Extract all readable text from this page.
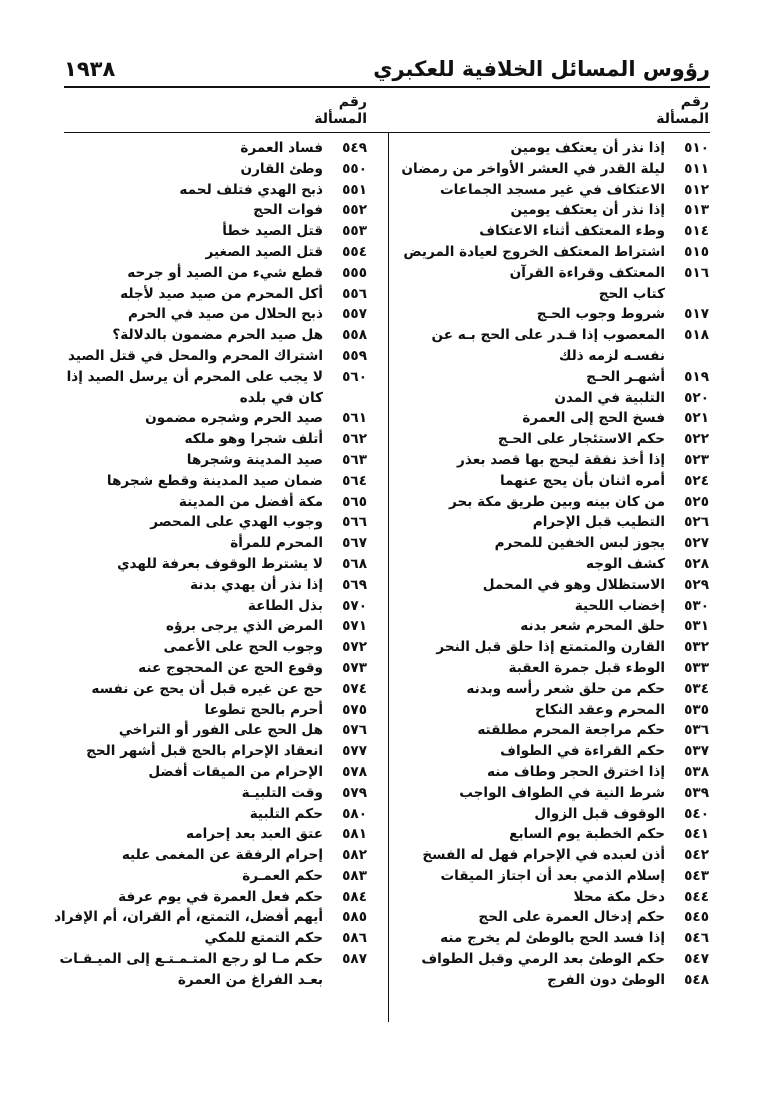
رؤوس المسائل الخلافية للعكبري
١٩٣٨
رقم
المسألة
رقم
المسألة
٥١٠
إذا نذر أن يعتكف يومين
٥١١
ليلة القدر في العشر الأواخر من رمضان
٥١٢
الاعتكاف في غير مسجد الجماعات
٥١٣
إذا نذر أن يعتكف يومين
٥١٤
وطء المعتكف أثناء الاعتكاف
٥١٥
اشتراط المعتكف الخروج لعيادة المريض
٥١٦
المعتكف وقراءة القرآن
كتاب الحج
٥١٧
شروط وجوب الحـج
٥١٨
المعصوب إذا قـدر على الحج بـه عن نفسـه لزمه ذلك
٥١٩
أشهـر الحـج
٥٢٠
التلبية في المدن
٥٢١
فسخ الحج إلى العمرة
٥٢٢
حكم الاستئجار على الحـج
٥٢٣
إذا أخذ نفقة ليحج بها قصد بعذر
٥٢٤
أمره اثنان بأن يحج عنهما
٥٢٥
من كان بينه وبين طريق مكة بحر
٥٢٦
التطيب قبل الإحرام
٥٢٧
يجوز لبس الخفين للمحرم
٥٢٨
كشف الوجه
٥٢٩
الاستظلال وهو في المحمل
٥٣٠
إخضاب اللحية
٥٣١
حلق المحرم شعر بدنه
٥٣٢
القارن والمتمتع إذا حلق قبل النحر
٥٣٣
الوطء قبل جمرة العقبة
٥٣٤
حكم من حلق شعر رأسه وبدنه
٥٣٥
المحرم وعقد النكاح
٥٣٦
حكم مراجعة المحرم مطلقته
٥٣٧
حكم القراءة في الطواف
٥٣٨
إذا اخترق الحجر وطاف منه
٥٣٩
شرط النية في الطواف الواجب
٥٤٠
الوقوف قبل الزوال
٥٤١
حكم الخطبة يوم السابع
٥٤٢
أذن لعبده في الإحرام فهل له الفسخ
٥٤٣
إسلام الذمي بعد أن اجتاز الميقات
٥٤٤
دخل مكة محلا
٥٤٥
حكم إدخال العمرة على الحج
٥٤٦
إذا فسد الحج بالوطئ لم يخرج منه
٥٤٧
حكم الوطئ بعد الرمي وقبل الطواف
٥٤٨
الوطئ دون الفرج
٥٤٩
فساد العمرة
٥٥٠
وطئ القارن
٥٥١
ذبح الهدي فتلف لحمه
٥٥٢
فوات الحج
٥٥٣
قتل الصيد خطأ
٥٥٤
قتل الصيد الصغير
٥٥٥
قطع شيء من الصيد أو جرحه
٥٥٦
أكل المحرم من صيد صيد لأجله
٥٥٧
ذبح الحلال من صيد في الحرم
٥٥٨
هل صيد الحرم مضمون بالدلالة؟
٥٥٩
اشتراك المحرم والمحل في قتل الصيد
٥٦٠
لا يجب على المحرم أن يرسل الصيد إذا كان في بلده
٥٦١
صيد الحرم وشجره مضمون
٥٦٢
أتلف شجرا وهو ملكه
٥٦٣
صيد المدينة وشجرها
٥٦٤
ضمان صيد المدينة وقطع شجرها
٥٦٥
مكة أفضل من المدينة
٥٦٦
وجوب الهدي على المحصر
٥٦٧
المحرم للمرأة
٥٦٨
لا يشترط الوقوف بعرفة للهدي
٥٦٩
إذا نذر أن يهدي بدنة
٥٧٠
بذل الطاعة
٥٧١
المرض الذي يرجى برؤه
٥٧٢
وجوب الحج على الأعمى
٥٧٣
وقوع الحج عن المحجوج عنه
٥٧٤
حج عن غيره قبل أن يحج عن نفسه
٥٧٥
أحرم بالحج تطوعا
٥٧٦
هل الحج على الفور أو التراخي
٥٧٧
انعقاد الإحرام بالحج قبل أشهر الحج
٥٧٨
الإحرام من الميقات أفضل
٥٧٩
وقت التلبيـة
٥٨٠
حكم التلبية
٥٨١
عتق العبد بعد إحرامه
٥٨٢
إحرام الرفقة عن المغمى عليه
٥٨٣
حكم العمـرة
٥٨٤
حكم فعل العمرة في يوم عرفة
٥٨٥
أيهم أفضل، التمتع، أم القران، أم الإفراد
٥٨٦
حكم التمتع للمكي
٥٨٧
حكم مـا لو رجع المتـمـتـع إلى الميـقـات بعـد الفراغ من العمرة
